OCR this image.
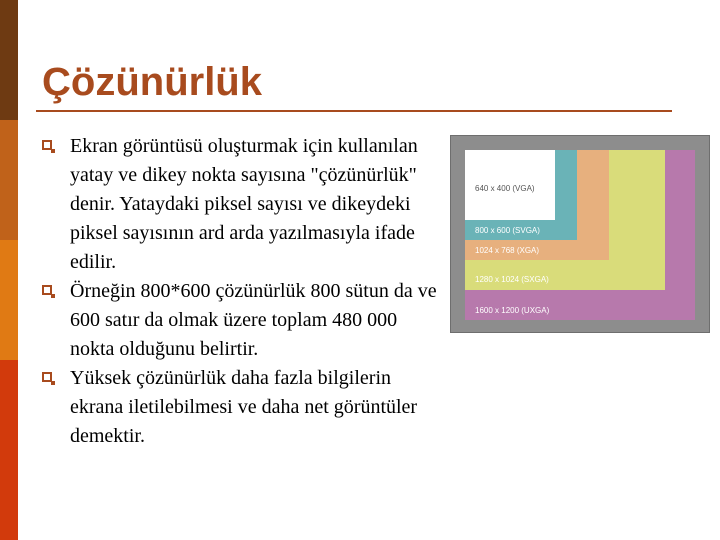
Çözünürlük
Ekran görüntüsü oluşturmak için kullanılan yatay ve dikey nokta sayısına "çözünürlük" denir. Yataydaki piksel sayısı ve dikeydeki piksel sayısının ard arda yazılmasıyla ifade edilir.
Örneğin 800*600 çözünürlük 800 sütun da ve 600 satır da olmak üzere toplam 480 000 nokta olduğunu belirtir.
Yüksek çözünürlük daha fazla bilgilerin ekrana iletilebilmesi ve daha net görüntüler demektir.
1600 x 1200 (UXGA)
1280 x 1024 (SXGA)
1024 x 768 (XGA)
800 x 600 (SVGA)
640 x 400 (VGA)
